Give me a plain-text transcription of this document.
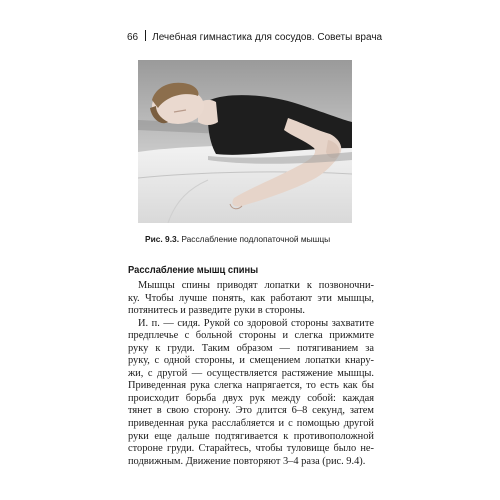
66 Лечебная гимнастика для сосудов. Советы врача
Рис. 9.3. Расслабление подлопаточной мышцы
Расслабление мышц спины

Мышцы спины приводят лопатки к позвоночни-
ку. Чтобы лучше понять, как работают эти мышцы,
потянитесь и разведите руки в стороны.

И. п. — сидя. Рукой со здоровой стороны захватите
предплечье с больной стороны и слегка прижмите
руку к груди. Таким образом — потягиванием за
руку, с одной стороны, и смещением лопатки кнару-
жи, с другой — осуществляется растяжение мышцы.
Приведенная рука слегка напрягается, то есть как бы
происходит борьба двух рук между собой: каждая
тянет в свою сторону. Это длится 6–8 секунд, затем
приведенная рука расслабляется и с помощью другой
руки еще дальше подтягивается к противоположной
стороне груди. Старайтесь, чтобы туловище было не-
подвижным. Движение повторяют 3–4 раза (рис. 9.4).
